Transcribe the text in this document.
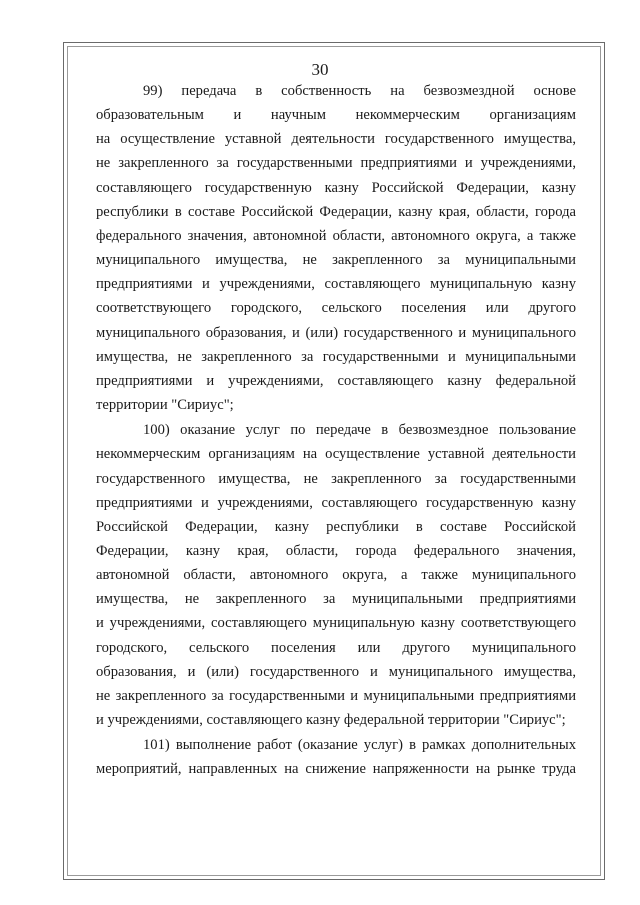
30
99) передача в собственность на безвозмездной основе
образовательным и научным некоммерческим организациям
на осуществление уставной деятельности государственного имущества,
не закрепленного за государственными предприятиями и учреждениями,
составляющего государственную казну Российской Федерации, казну
республики в составе Российской Федерации, казну края, области, города
федерального значения, автономной области, автономного округа, а также
муниципального имущества, не закрепленного за муниципальными
предприятиями и учреждениями, составляющего муниципальную казну
соответствующего городского, сельского поселения или другого
муниципального образования, и (или) государственного и муниципального
имущества, не закрепленного за государственными и муниципальными
предприятиями и учреждениями, составляющего казну федеральной
территории "Сириус";
100) оказание услуг по передаче в безвозмездное пользование
некоммерческим организациям на осуществление уставной деятельности
государственного имущества, не закрепленного за государственными
предприятиями и учреждениями, составляющего государственную казну
Российской Федерации, казну республики в составе Российской
Федерации, казну края, области, города федерального значения,
автономной области, автономного округа, а также муниципального
имущества, не закрепленного за муниципальными предприятиями
и учреждениями, составляющего муниципальную казну соответствующего
городского, сельского поселения или другого муниципального
образования, и (или) государственного и муниципального имущества,
не закрепленного за государственными и муниципальными предприятиями
и учреждениями, составляющего казну федеральной территории "Сириус";
101) выполнение работ (оказание услуг) в рамках дополнительных
мероприятий, направленных на снижение напряженности на рынке труда
